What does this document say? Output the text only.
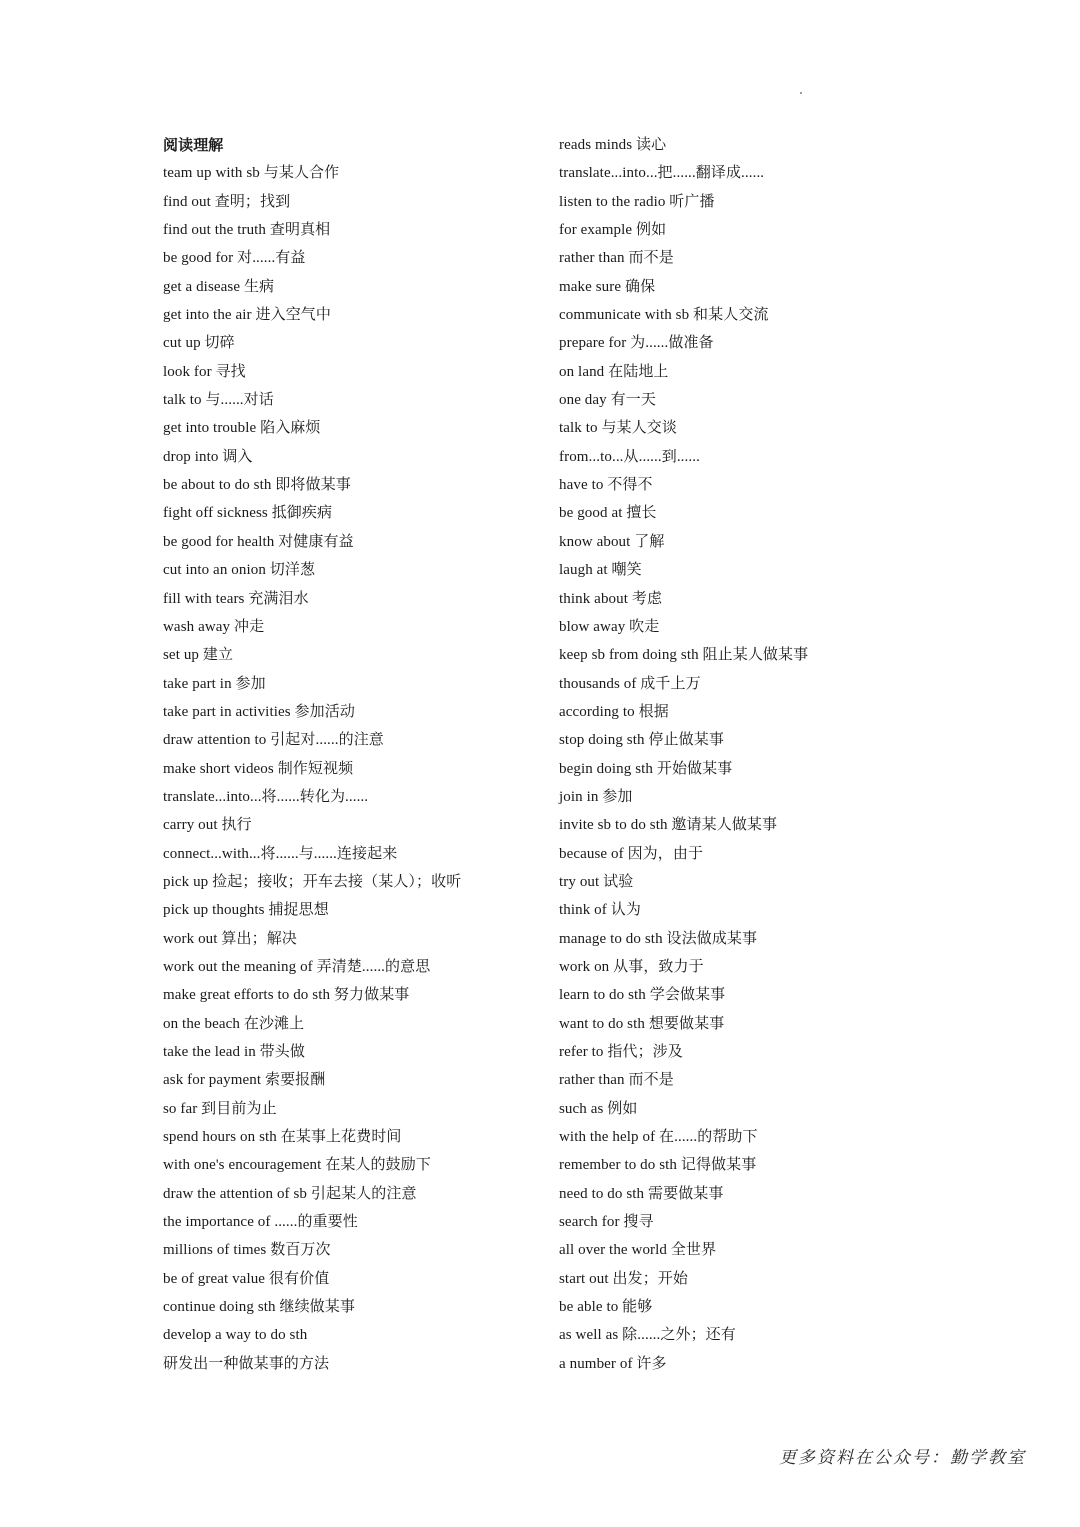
阅读理解
team up with sb 与某人合作
find out 查明；找到
find out the truth 查明真相
be good for 对......有益
get a disease 生病
get into the air 进入空气中
cut up 切碎
look for 寻找
talk to 与......对话
get into trouble 陷入麻烦
drop into 调入
be about to do sth 即将做某事
fight off sickness 抵御疾病
be good for health 对健康有益
cut into an onion 切洋葱
fill with tears 充满泪水
wash away 冲走
set up 建立
take part in 参加
take part in activities 参加活动
draw attention to 引起对......的注意
make short videos 制作短视频
translate...into...将......转化为......
carry out 执行
connect...with...将......与......连接起来
pick up 捡起；接收；开车去接（某人）；收听
pick up thoughts 捕捉思想
work out 算出；解决
work out the meaning of 弄清楚......的意思
make great efforts to do sth 努力做某事
on the beach 在沙滩上
take the lead in 带头做
ask for payment 索要报酬
so far 到目前为止
spend hours on sth 在某事上花费时间
with one's encouragement 在某人的鼓励下
draw the attention of sb 引起某人的注意
the importance of ......的重要性
millions of times 数百万次
be of great value 很有价值
continue doing sth 继续做某事
develop a way to do sth
研发出一种做某事的方法
reads minds 读心
translate...into...把......翻译成......
listen to the radio 听广播
for example 例如
rather than 而不是
make sure 确保
communicate with sb 和某人交流
prepare for 为......做准备
on land 在陆地上
one day 有一天
talk to 与某人交谈
from...to...从......到......
have to 不得不
be good at 擅长
know about 了解
laugh at 嘲笑
think about 考虑
blow away 吹走
keep sb from doing sth 阻止某人做某事
thousands of 成千上万
according to 根据
stop doing sth 停止做某事
begin doing sth 开始做某事
join in 参加
invite sb to do sth 邀请某人做某事
because of 因为，由于
try out 试验
think of 认为
manage to do sth 设法做成某事
work on 从事，致力于
learn to do sth 学会做某事
want to do sth 想要做某事
refer to 指代；涉及
rather than 而不是
such as 例如
with the help of 在......的帮助下
remember to do sth 记得做某事
need to do sth 需要做某事
search for 搜寻
all over the world 全世界
start out 出发；开始
be able to 能够
as well as 除......之外；还有
a number of 许多
更多资料在公众号：勤学教室
